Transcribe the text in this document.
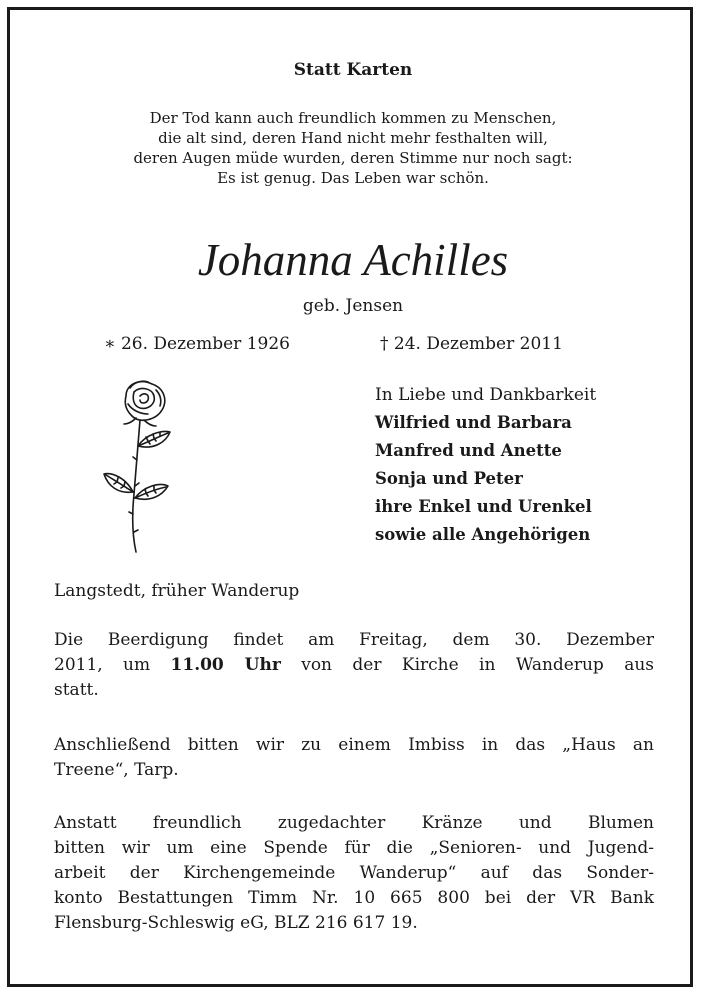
Statt Karten
Der Tod kann auch freundlich kommen zu Menschen,
die alt sind, deren Hand nicht mehr festhalten will,
deren Augen müde wurden, deren Stimme nur noch sagt:
Es ist genug. Das Leben war schön.
Johanna Achilles
geb. Jensen
∗ 26. Dezember 1926	† 24. Dezember 2011
In Liebe und Dankbarkeit
Wilfried und Barbara
Manfred und Anette
Sonja und Peter
ihre Enkel und Urenkel
sowie alle Angehörigen
Langstedt, früher Wanderup
Die Beerdigung findet am Freitag, dem 30. Dezember
2011, um 11.00 Uhr von der Kirche in Wanderup aus
statt.
Anschließend bitten wir zu einem Imbiss in das „Haus an
Treene“, Tarp.
Anstatt freundlich zugedachter Kränze und Blumen
bitten wir um eine Spende für die „Senioren- und Jugend-
arbeit der Kirchengemeinde Wanderup“ auf das Sonder-
konto Bestattungen Timm Nr. 10 665 800 bei der VR Bank
Flensburg-Schleswig eG, BLZ 216 617 19.
